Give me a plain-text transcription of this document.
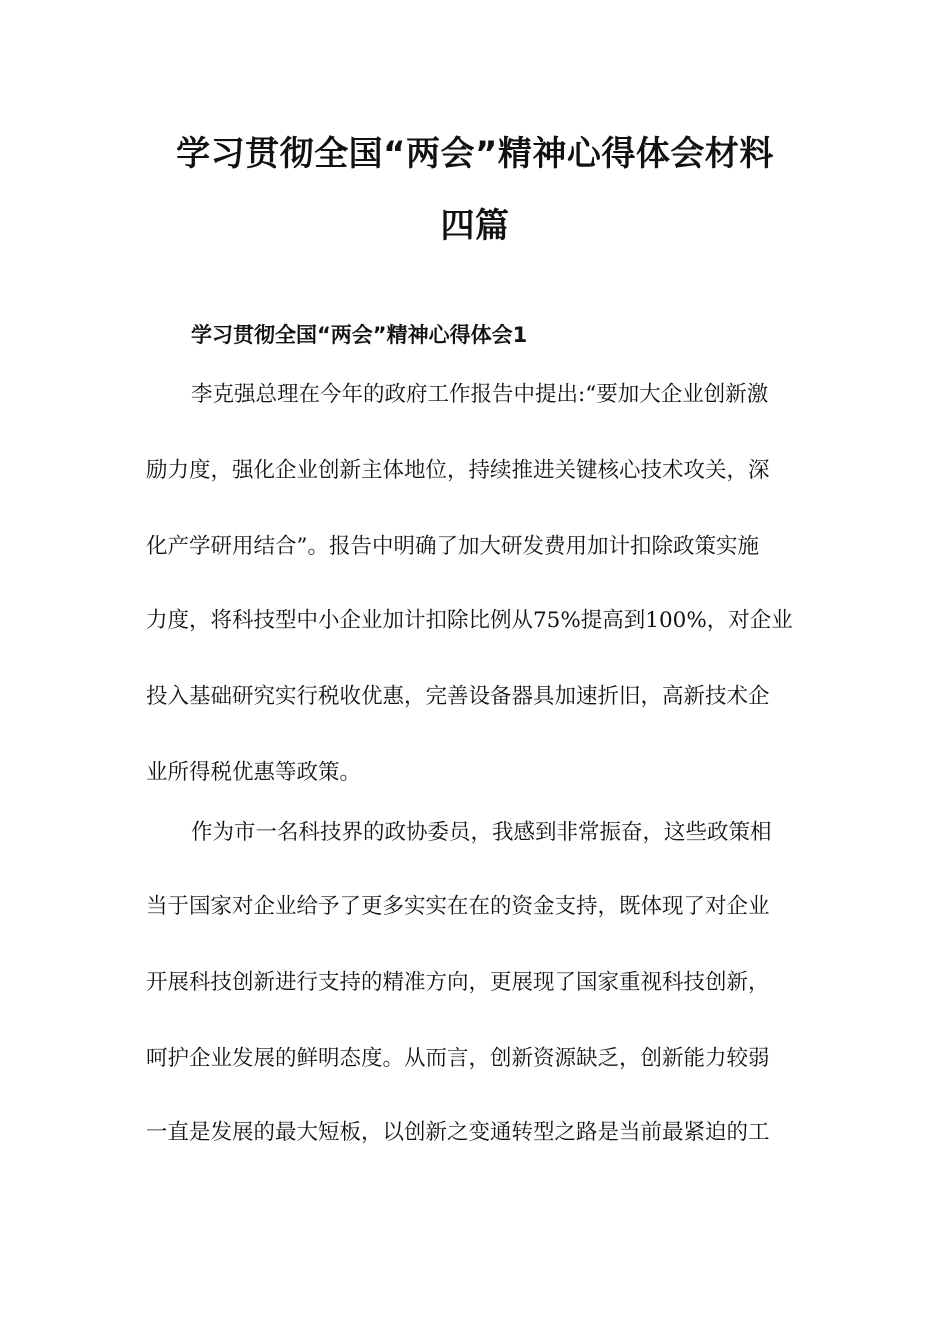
学习贯彻全国“两会”精神心得体会材料
四篇
学习贯彻全国“两会”精神心得体会1
李克强总理在今年的政府工作报告中提出:“要加大企业创新激
励力度，强化企业创新主体地位，持续推进关键核心技术攻关，深
化产学研用结合”。报告中明确了加大研发费用加计扣除政策实施
力度，将科技型中小企业加计扣除比例从75%提高到100%，对企业
投入基础研究实行税收优惠，完善设备器具加速折旧，高新技术企
业所得税优惠等政策。
作为市一名科技界的政协委员，我感到非常振奋，这些政策相
当于国家对企业给予了更多实实在在的资金支持，既体现了对企业
开展科技创新进行支持的精准方向，更展现了国家重视科技创新，
呵护企业发展的鲜明态度。从而言，创新资源缺乏，创新能力较弱
一直是发展的最大短板，以创新之变通转型之路是当前最紧迫的工
